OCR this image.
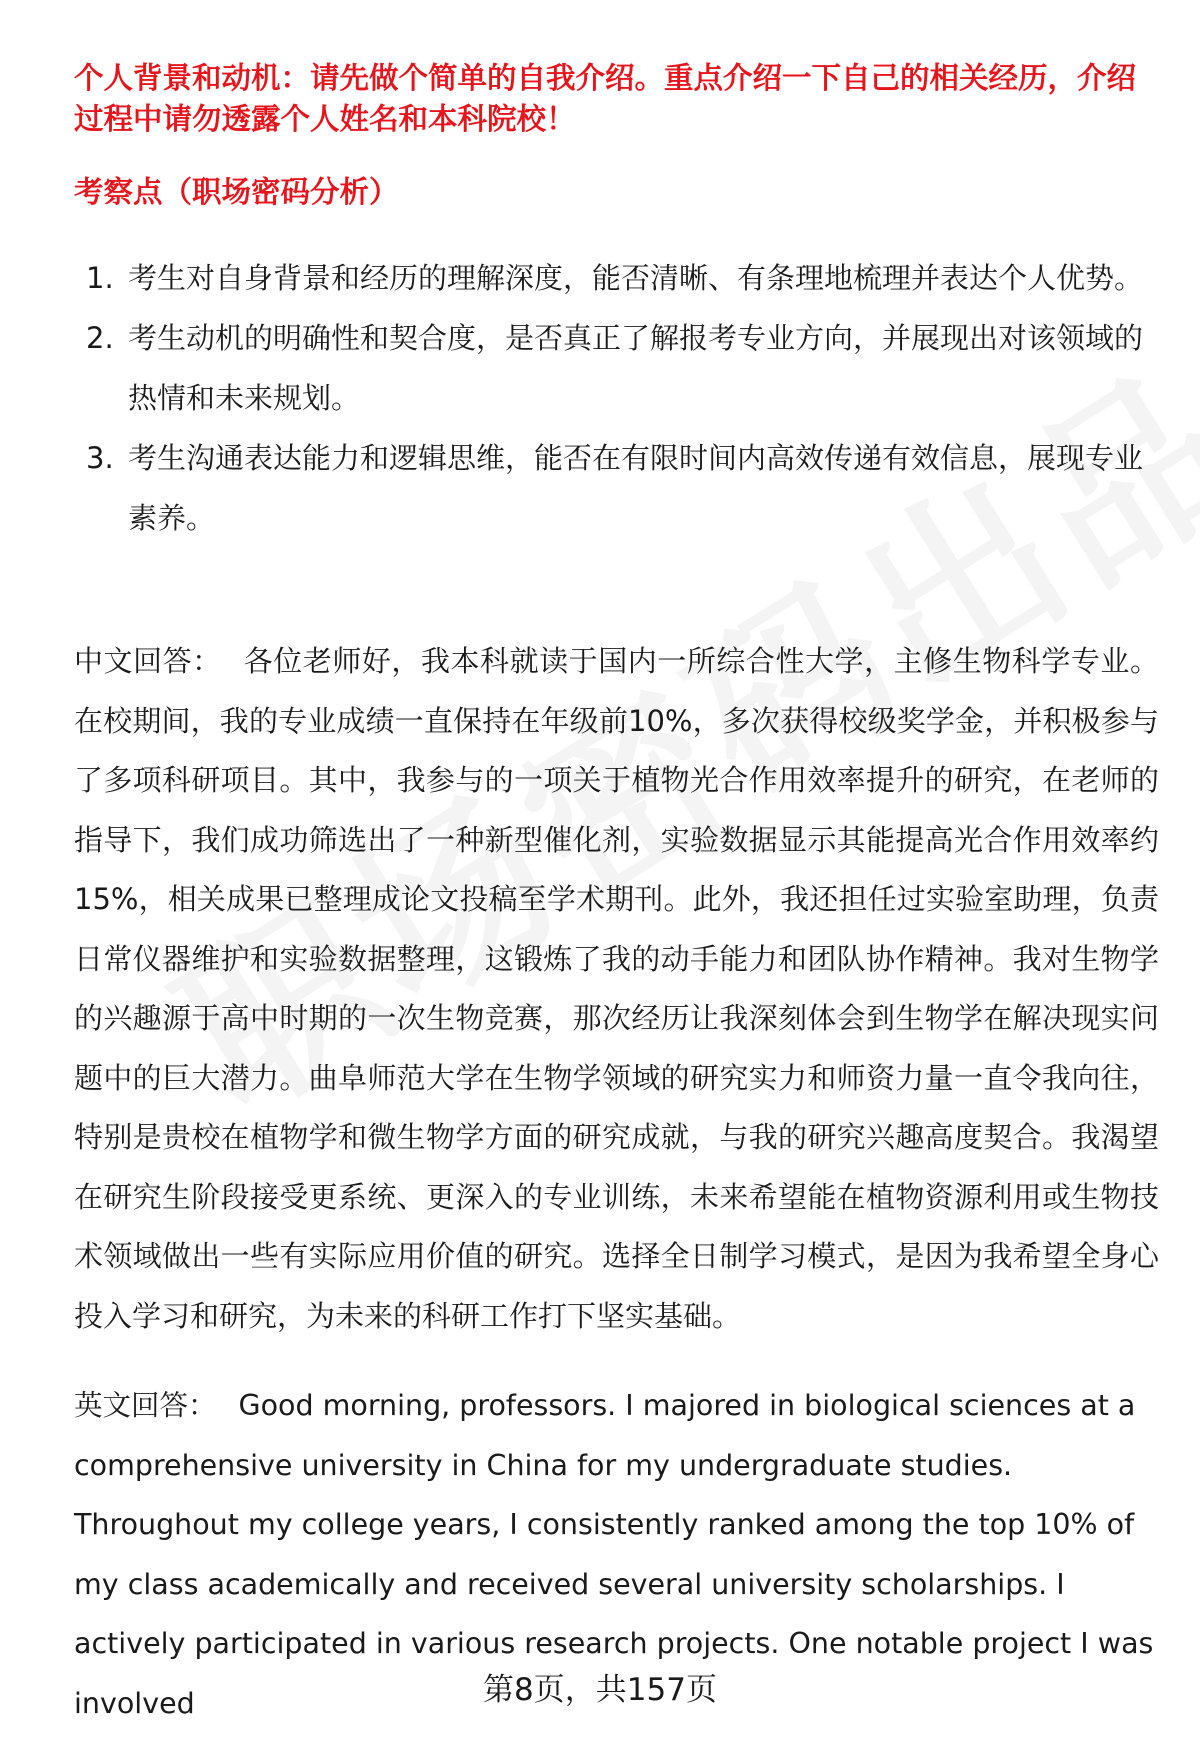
个人背景和动机：请先做个简单的自我介绍。重点介绍一下自己的相关经历，介绍过程中请勿透露个人姓名和本科院校！

考察点（职场密码分析）

1. 考生对自身背景和经历的理解深度，能否清晰、有条理地梳理并表达个人优势。
2. 考生动机的明确性和契合度，是否真正了解报考专业方向，并展现出对该领域的热情和未来规划。
3. 考生沟通表达能力和逻辑思维，能否在有限时间内高效传递有效信息，展现专业素养。

中文回答： 各位老师好，我本科就读于国内一所综合性大学，主修生物科学专业。在校期间，我的专业成绩一直保持在年级前10%，多次获得校级奖学金，并积极参与了多项科研项目。其中，我参与的一项关于植物光合作用效率提升的研究，在老师的指导下，我们成功筛选出了一种新型催化剂，实验数据显示其能提高光合作用效率约15%，相关成果已整理成论文投稿至学术期刊。此外，我还担任过实验室助理，负责日常仪器维护和实验数据整理，这锻炼了我的动手能力和团队协作精神。我对生物学的兴趣源于高中时期的一次生物竞赛，那次经历让我深刻体会到生物学在解决现实问题中的巨大潜力。曲阜师范大学在生物学领域的研究实力和师资力量一直令我向往，特别是贵校在植物学和微生物学方面的研究成就，与我的研究兴趣高度契合。我渴望在研究生阶段接受更系统、更深入的专业训练，未来希望能在植物资源利用或生物技术领域做出一些有实际应用价值的研究。选择全日制学习模式，是因为我希望全身心投入学习和研究，为未来的科研工作打下坚实基础。

英文回答： Good morning, professors. I majored in biological sciences at a comprehensive university in China for my undergraduate studies. Throughout my college years, I consistently ranked among the top 10% of my class academically and received several university scholarships. I actively participated in various research projects. One notable project I was involved	第8页，共157页
